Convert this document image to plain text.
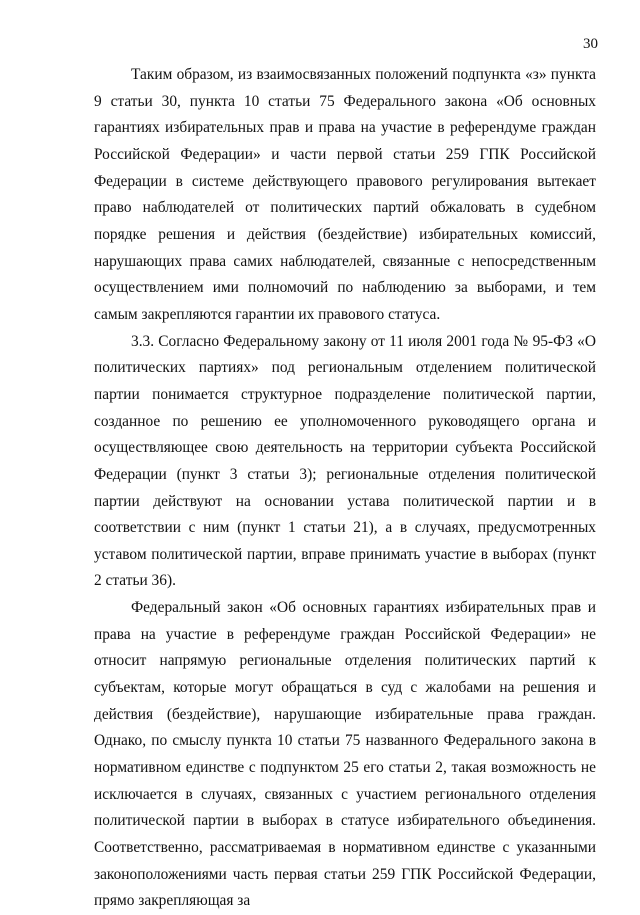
30

Таким образом, из взаимосвязанных положений подпункта «з» пункта 9 статьи 30, пункта 10 статьи 75 Федерального закона «Об основных гарантиях избирательных прав и права на участие в референдуме граждан Российской Федерации» и части первой статьи 259 ГПК Российской Федерации в системе действующего правового регулирования вытекает право наблюдателей от политических партий обжаловать в судебном порядке решения и действия (бездействие) избирательных комиссий, нарушающих права самих наблюдателей, связанные с непосредственным осуществлением ими полномочий по наблюдению за выборами, и тем самым закрепляются гарантии их правового статуса.

3.3. Согласно Федеральному закону от 11 июля 2001 года № 95-ФЗ «О политических партиях» под региональным отделением политической партии понимается структурное подразделение политической партии, созданное по решению ее уполномоченного руководящего органа и осуществляющее свою деятельность на территории субъекта Российской Федерации (пункт 3 статьи 3); региональные отделения политической партии действуют на основании устава политической партии и в соответствии с ним (пункт 1 статьи 21), а в случаях, предусмотренных уставом политической партии, вправе принимать участие в выборах (пункт 2 статьи 36).

Федеральный закон «Об основных гарантиях избирательных прав и права на участие в референдуме граждан Российской Федерации» не относит напрямую региональные отделения политических партий к субъектам, которые могут обращаться в суд с жалобами на решения и действия (бездействие), нарушающие избирательные права граждан. Однако, по смыслу пункта 10 статьи 75 названного Федерального закона в нормативном единстве с подпунктом 25 его статьи 2, такая возможность не исключается в случаях, связанных с участием регионального отделения политической партии в выборах в статусе избирательного объединения. Соответственно, рассматриваемая в нормативном единстве с указанными законоположениями часть первая статьи 259 ГПК Российской Федерации, прямо закрепляющая за
